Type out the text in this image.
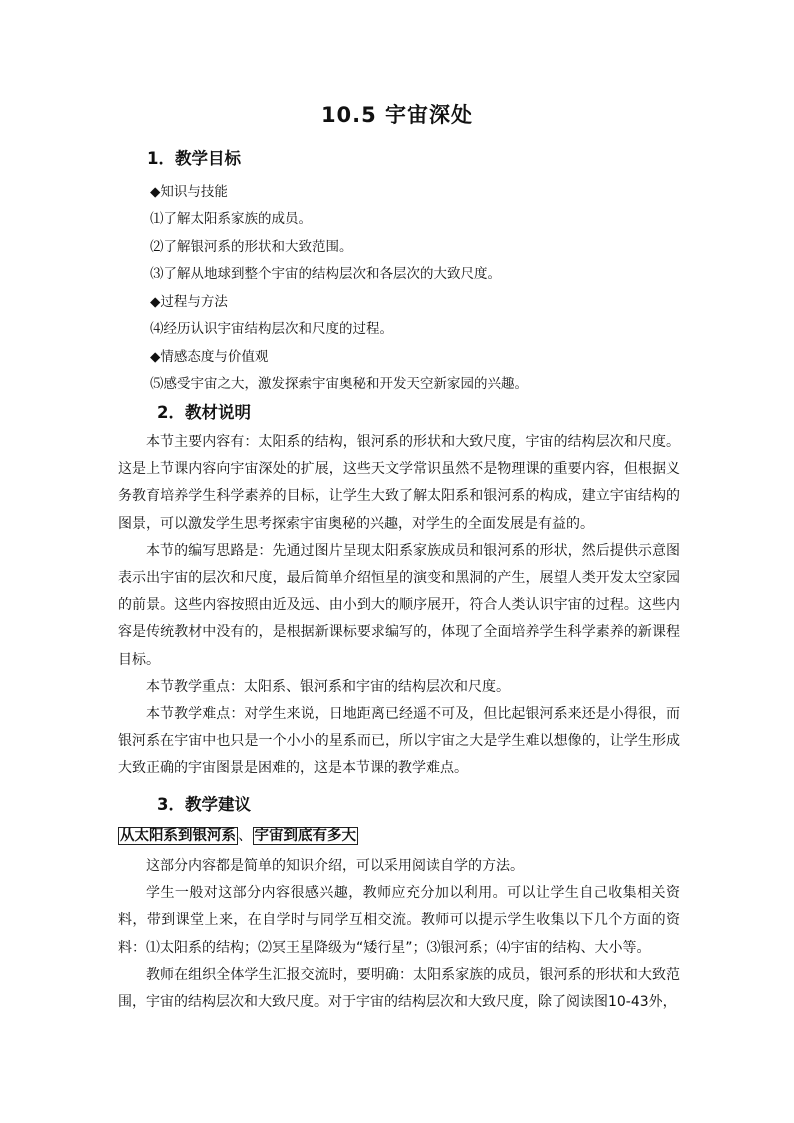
10.5 宇宙深处
1．教学目标
◆知识与技能
⑴了解太阳系家族的成员。
⑵了解银河系的形状和大致范围。
⑶了解从地球到整个宇宙的结构层次和各层次的大致尺度。
◆过程与方法
⑷经历认识宇宙结构层次和尺度的过程。
◆情感态度与价值观
⑸感受宇宙之大，激发探索宇宙奥秘和开发天空新家园的兴趣。
2．教材说明

本节主要内容有：太阳系的结构，银河系的形状和大致尺度，宇宙的结构层次和尺度。这是上节课内容向宇宙深处的扩展，这些天文学常识虽然不是物理课的重要内容，但根据义务教育培养学生科学素养的目标，让学生大致了解太阳系和银河系的构成，建立宇宙结构的图景，可以激发学生思考探索宇宙奥秘的兴趣，对学生的全面发展是有益的。

本节的编写思路是：先通过图片呈现太阳系家族成员和银河系的形状，然后提供示意图表示出宇宙的层次和尺度，最后简单介绍恒星的演变和黑洞的产生，展望人类开发太空家园的前景。这些内容按照由近及远、由小到大的顺序展开，符合人类认识宇宙的过程。这些内容是传统教材中没有的，是根据新课标要求编写的，体现了全面培养学生科学素养的新课程目标。

本节教学重点：太阳系、银河系和宇宙的结构层次和尺度。

本节教学难点：对学生来说，日地距离已经遥不可及，但比起银河系来还是小得很，而银河系在宇宙中也只是一个小小的星系而已，所以宇宙之大是学生难以想像的，让学生形成大致正确的宇宙图景是困难的，这是本节课的教学难点。

3．教学建议
从太阳系到银河系 、 宇宙到底有多大

这部分内容都是简单的知识介绍，可以采用阅读自学的方法。

学生一般对这部分内容很感兴趣，教师应充分加以利用。可以让学生自己收集相关资料，带到课堂上来，在自学时与同学互相交流。教师可以提示学生收集以下几个方面的资料：⑴太阳系的结构；⑵冥王星降级为“矮行星”；⑶银河系；⑷宇宙的结构、大小等。

教师在组织全体学生汇报交流时，要明确：太阳系家族的成员，银河系的形状和大致范围，宇宙的结构层次和大致尺度。对于宇宙的结构层次和大致尺度，除了阅读图10-43外，
